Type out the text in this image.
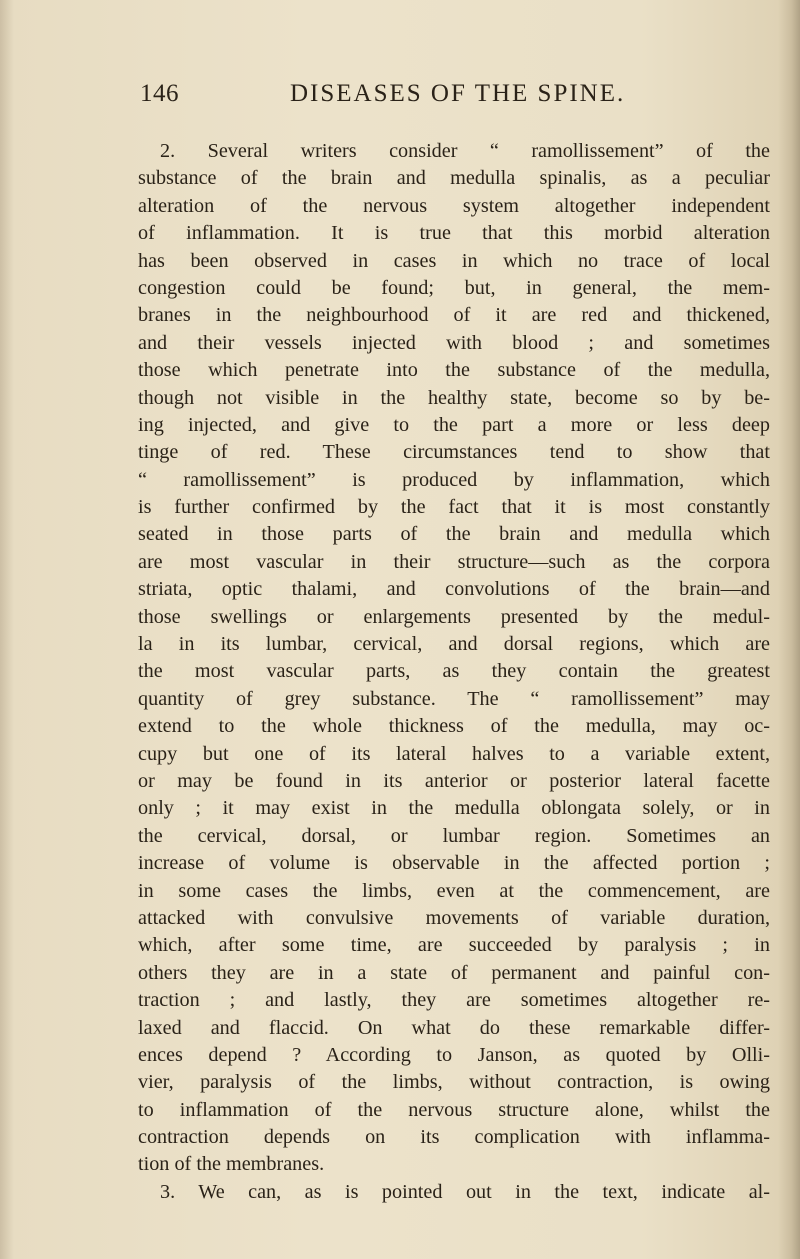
146	DISEASES OF THE SPINE.
2. Several writers consider “ ramollissement” of the
substance of the brain and medulla spinalis, as a peculiar
alteration of the nervous system altogether independent
of inflammation. It is true that this morbid alteration
has been observed in cases in which no trace of local
congestion could be found; but, in general, the mem-
branes in the neighbourhood of it are red and thickened,
and their vessels injected with blood ; and sometimes
those which penetrate into the substance of the medulla,
though not visible in the healthy state, become so by be-
ing injected, and give to the part a more or less deep
tinge of red. These circumstances tend to show that
“ ramollissement” is produced by inflammation, which
is further confirmed by the fact that it is most constantly
seated in those parts of the brain and medulla which
are most vascular in their structure—such as the corpora
striata, optic thalami, and convolutions of the brain—and
those swellings or enlargements presented by the medul-
la in its lumbar, cervical, and dorsal regions, which are
the most vascular parts, as they contain the greatest
quantity of grey substance. The “ ramollissement” may
extend to the whole thickness of the medulla, may oc-
cupy but one of its lateral halves to a variable extent,
or may be found in its anterior or posterior lateral facette
only ; it may exist in the medulla oblongata solely, or in
the cervical, dorsal, or lumbar region. Sometimes an
increase of volume is observable in the affected portion ;
in some cases the limbs, even at the commencement, are
attacked with convulsive movements of variable duration,
which, after some time, are succeeded by paralysis ; in
others they are in a state of permanent and painful con-
traction ; and lastly, they are sometimes altogether re-
laxed and flaccid. On what do these remarkable differ-
ences depend ? According to Janson, as quoted by Olli-
vier, paralysis of the limbs, without contraction, is owing
to inflammation of the nervous structure alone, whilst the
contraction depends on its complication with inflamma-
tion of the membranes.
3. We can, as is pointed out in the text, indicate al-
